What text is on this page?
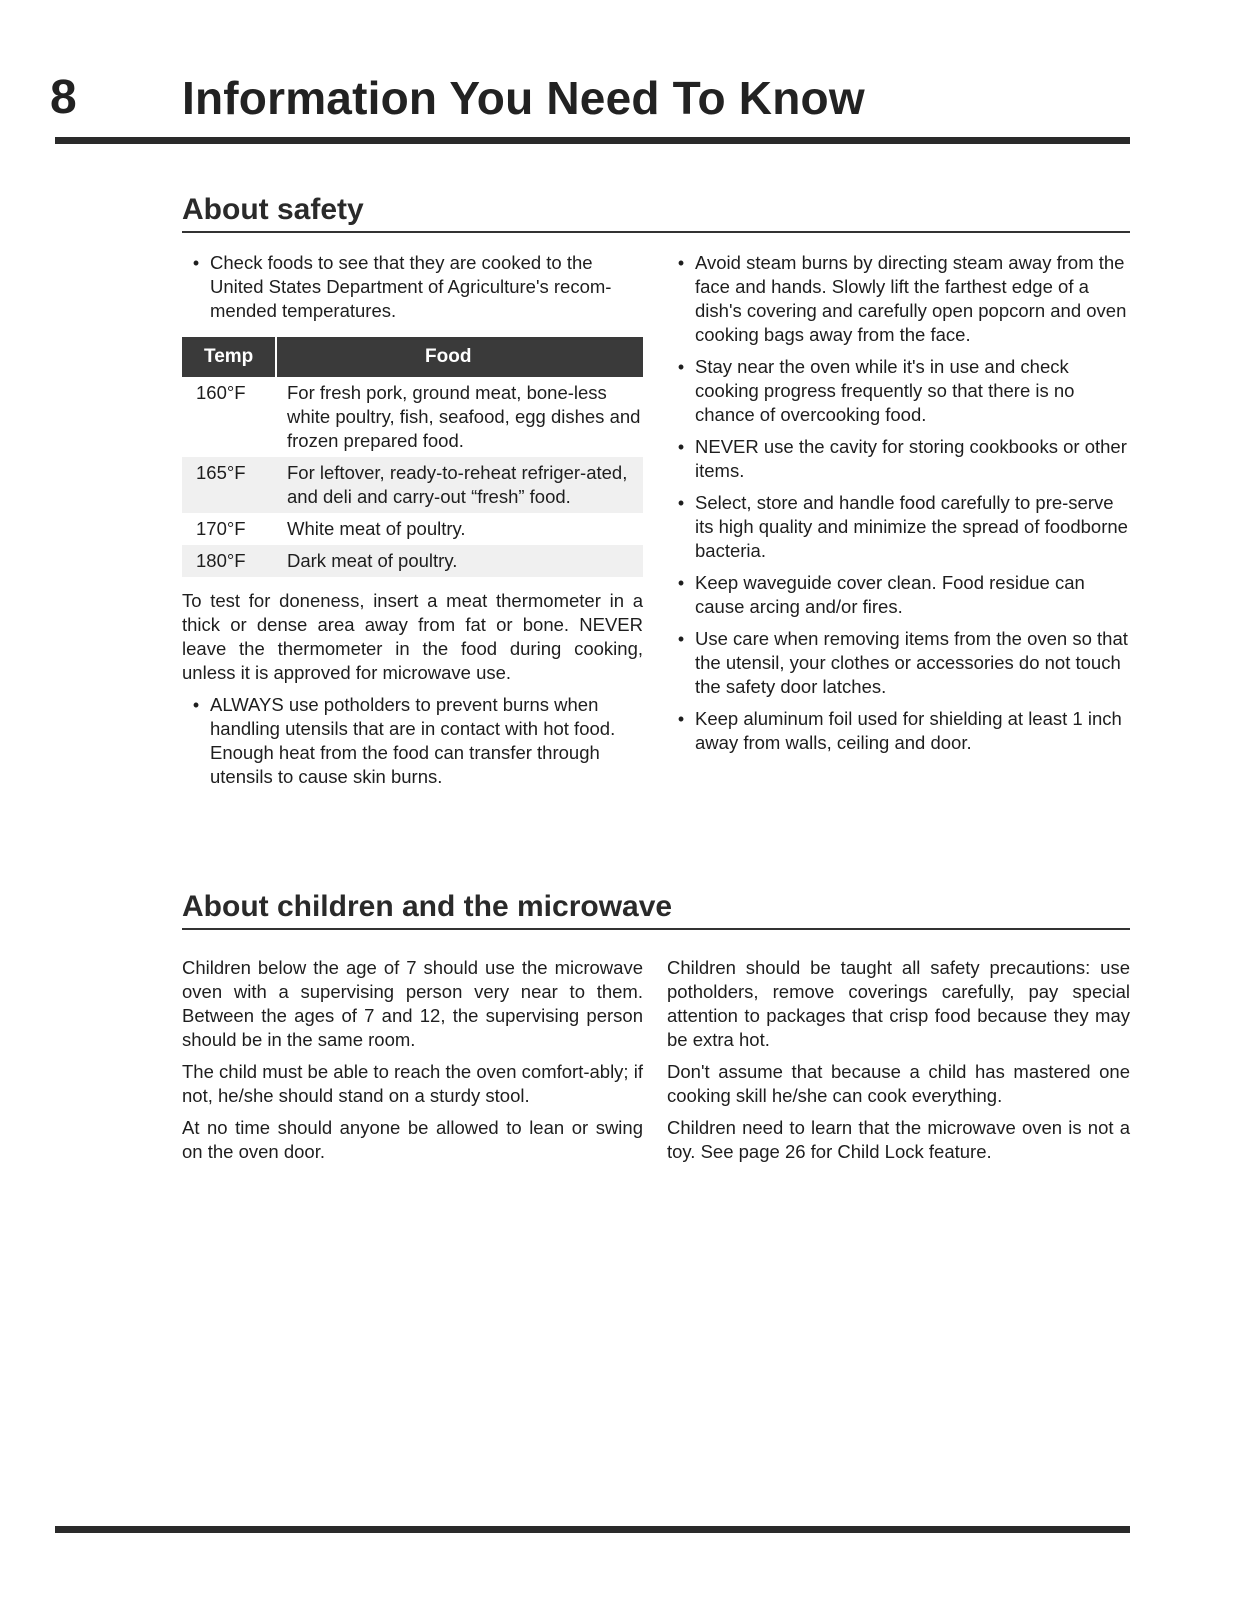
8 Information You Need To Know
About safety
• Check foods to see that they are cooked to the United States Department of Agriculture's recom-mended temperatures.
Temp	Food
160°F	For fresh pork, ground meat, bone-less white poultry, fish, seafood, egg dishes and frozen prepared food.
165°F	For leftover, ready-to-reheat refriger-ated, and deli and carry-out “fresh” food.
170°F	White meat of poultry.
180°F	Dark meat of poultry.

To test for doneness, insert a meat thermometer in a thick or dense area away from fat or bone. NEVER leave the thermometer in the food during cooking, unless it is approved for microwave use.

• ALWAYS use potholders to prevent burns when handling utensils that are in contact with hot food. Enough heat from the food can transfer through utensils to cause skin burns.
• Avoid steam burns by directing steam away from the face and hands. Slowly lift the farthest edge of a dish's covering and carefully open popcorn and oven cooking bags away from the face.
• Stay near the oven while it's in use and check cooking progress frequently so that there is no chance of overcooking food.
• NEVER use the cavity for storing cookbooks or other items.
• Select, store and handle food carefully to pre-serve its high quality and minimize the spread of foodborne bacteria.
• Keep waveguide cover clean. Food residue can cause arcing and/or fires.
• Use care when removing items from the oven so that the utensil, your clothes or accessories do not touch the safety door latches.
• Keep aluminum foil used for shielding at least 1 inch away from walls, ceiling and door.
About children and the microwave

Children below the age of 7 should use the microwave oven with a supervising person very near to them. Between the ages of 7 and 12, the supervising person should be in the same room.

The child must be able to reach the oven comfort-ably; if not, he/she should stand on a sturdy stool.

At no time should anyone be allowed to lean or swing on the oven door.

Children should be taught all safety precautions: use potholders, remove coverings carefully, pay special attention to packages that crisp food because they may be extra hot.

Don't assume that because a child has mastered one cooking skill he/she can cook everything.

Children need to learn that the microwave oven is not a toy. See page 26 for Child Lock feature.
